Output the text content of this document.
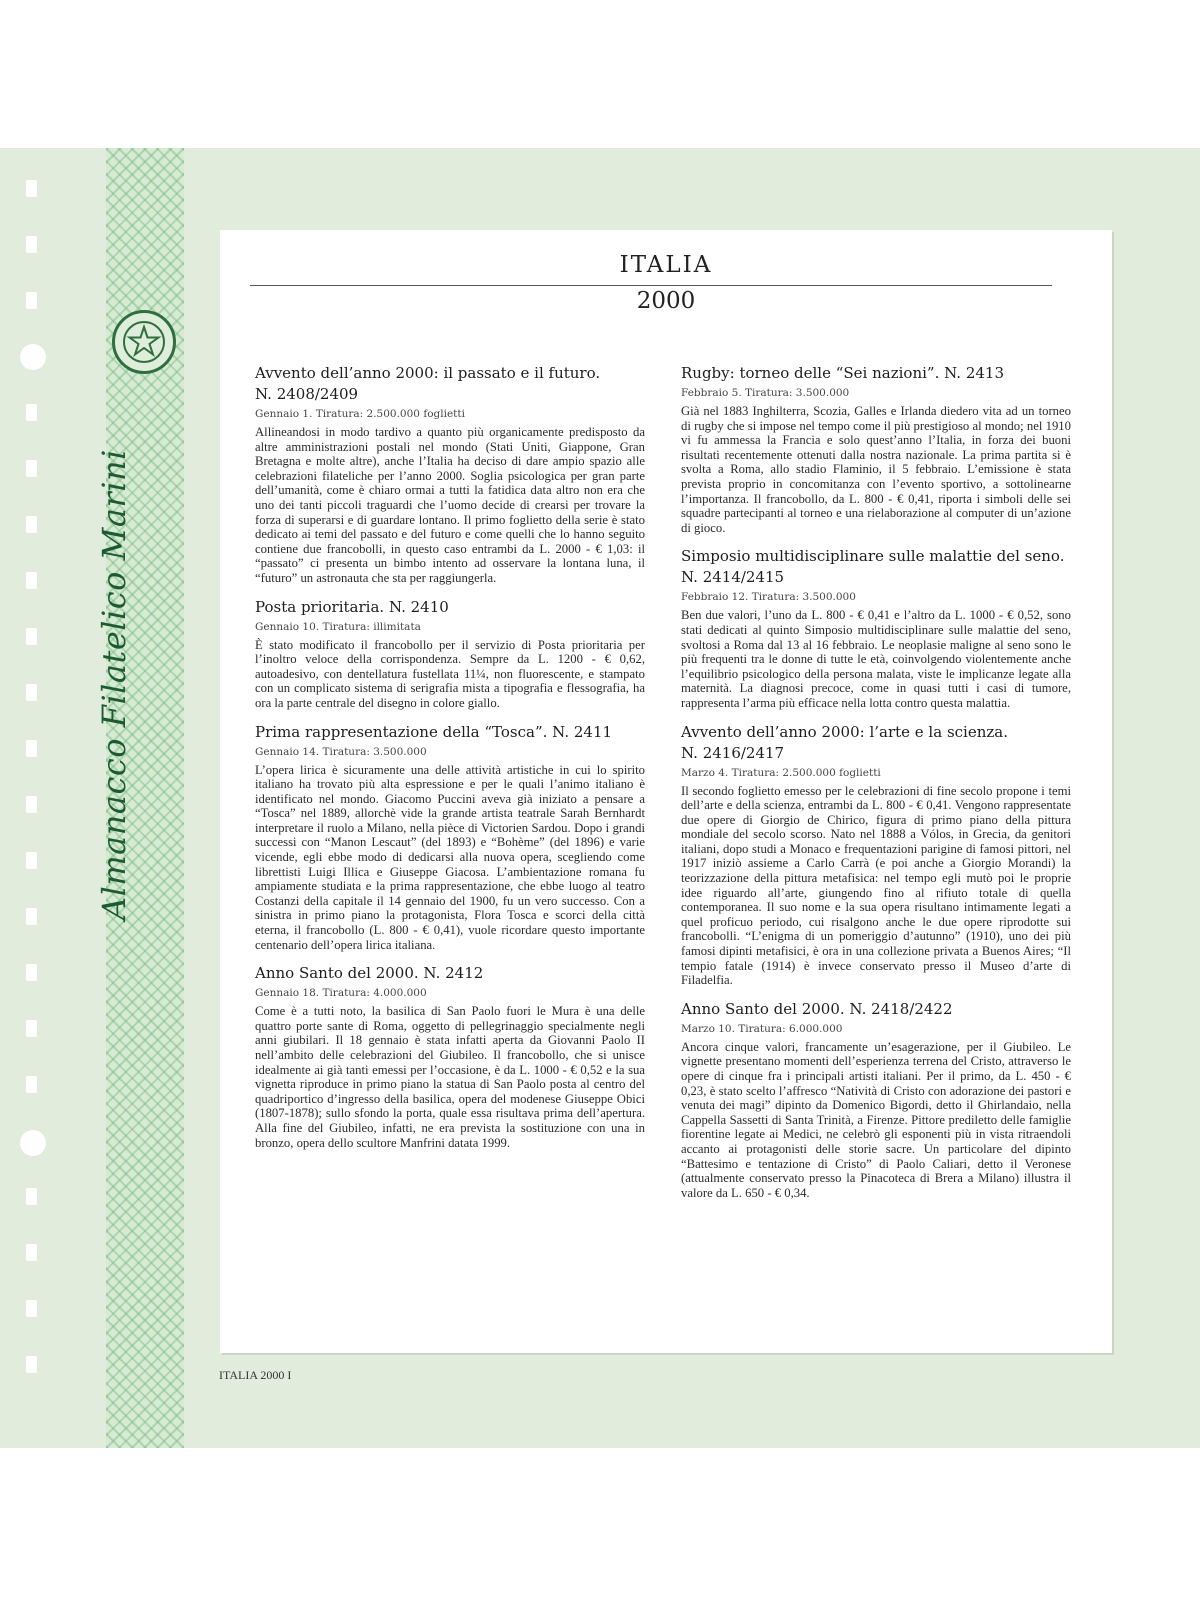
Almanacco Filatelico Marini
ITALIA
2000
Avvento dell’anno 2000: il passato e il futuro.
N. 2408/2409
Gennaio 1. Tiratura: 2.500.000 foglietti

Allineandosi in modo tardivo a quanto più organicamente predisposto da altre amministrazioni postali nel mondo (Stati Uniti, Giappone, Gran Bretagna e molte altre), anche l’Italia ha deciso di dare ampio spazio alle celebrazioni filateliche per l’anno 2000. Soglia psicologica per gran parte dell’umanità, come è chiaro ormai a tutti la fatidica data altro non era che uno dei tanti piccoli traguardi che l’uomo decide di crearsi per trovare la forza di superarsi e di guardare lontano. Il primo foglietto della serie è stato dedicato ai temi del passato e del futuro e come quelli che lo hanno seguito contiene due francobolli, in questo caso entrambi da L. 2000 - € 1,03: il “passato” ci presenta un bimbo intento ad osservare la lontana luna, il “futuro” un astronauta che sta per raggiungerla.

Posta prioritaria. N. 2410
Gennaio 10. Tiratura: illimitata

È stato modificato il francobollo per il servizio di Posta prioritaria per l’inoltro veloce della corrispondenza. Sempre da L. 1200 - € 0,62, autoadesivo, con dentellatura fustellata 11¼, non fluorescente, e stampato con un complicato sistema di serigrafia mista a tipografia e flessografia, ha ora la parte centrale del disegno in colore giallo.

Prima rappresentazione della “Tosca”. N. 2411
Gennaio 14. Tiratura: 3.500.000

L’opera lirica è sicuramente una delle attività artistiche in cui lo spirito italiano ha trovato più alta espressione e per le quali l’animo italiano è identificato nel mondo. Giacomo Puccini aveva già iniziato a pensare a “Tosca” nel 1889, allorchè vide la grande artista teatrale Sarah Bernhardt interpretare il ruolo a Milano, nella pièce di Victorien Sardou. Dopo i grandi successi con “Manon Lescaut” (del 1893) e “Bohème” (del 1896) e varie vicende, egli ebbe modo di dedicarsi alla nuova opera, scegliendo come librettisti Luigi Illica e Giuseppe Giacosa. L’ambientazione romana fu ampiamente studiata e la prima rappresentazione, che ebbe luogo al teatro Costanzi della capitale il 14 gennaio del 1900, fu un vero successo. Con a sinistra in primo piano la protagonista, Flora Tosca e scorci della città eterna, il francobollo (L. 800 - € 0,41), vuole ricordare questo importante centenario dell’opera lirica italiana.

Anno Santo del 2000. N. 2412
Gennaio 18. Tiratura: 4.000.000

Come è a tutti noto, la basilica di San Paolo fuori le Mura è una delle quattro porte sante di Roma, oggetto di pellegrinaggio specialmente negli anni giubilari. Il 18 gennaio è stata infatti aperta da Giovanni Paolo II nell’ambito delle celebrazioni del Giubileo. Il francobollo, che si unisce idealmente ai già tanti emessi per l’occasione, è da L. 1000 - € 0,52 e la sua vignetta riproduce in primo piano la statua di San Paolo posta al centro del quadriportico d’ingresso della basilica, opera del modenese Giuseppe Obici (1807-1878); sullo sfondo la porta, quale essa risultava prima dell’apertura. Alla fine del Giubileo, infatti, ne era prevista la sostituzione con una in bronzo, opera dello scultore Manfrini datata 1999.

Rugby: torneo delle “Sei nazioni”. N. 2413
Febbraio 5. Tiratura: 3.500.000

Già nel 1883 Inghilterra, Scozia, Galles e Irlanda diedero vita ad un torneo di rugby che si impose nel tempo come il più prestigioso al mondo; nel 1910 vi fu ammessa la Francia e solo quest’anno l’Italia, in forza dei buoni risultati recentemente ottenuti dalla nostra nazionale. La prima partita si è svolta a Roma, allo stadio Flaminio, il 5 febbraio. L’emissione è stata prevista proprio in concomitanza con l’evento sportivo, a sottolinearne l’importanza. Il francobollo, da L. 800 - € 0,41, riporta i simboli delle sei squadre partecipanti al torneo e una rielaborazione al computer di un’azione di gioco.

Simposio multidisciplinare sulle malattie del seno.
N. 2414/2415
Febbraio 12. Tiratura: 3.500.000

Ben due valori, l’uno da L. 800 - € 0,41 e l’altro da L. 1000 - € 0,52, sono stati dedicati al quinto Simposio multidisciplinare sulle malattie del seno, svoltosi a Roma dal 13 al 16 febbraio. Le neoplasie maligne al seno sono le più frequenti tra le donne di tutte le età, coinvolgendo violentemente anche l’equilibrio psicologico della persona malata, viste le implicanze legate alla maternità. La diagnosi precoce, come in quasi tutti i casi di tumore, rappresenta l’arma più efficace nella lotta contro questa malattia.

Avvento dell’anno 2000: l’arte e la scienza.
N. 2416/2417
Marzo 4. Tiratura: 2.500.000 foglietti

Il secondo foglietto emesso per le celebrazioni di fine secolo propone i temi dell’arte e della scienza, entrambi da L. 800 - € 0,41. Vengono rappresentate due opere di Giorgio de Chirico, figura di primo piano della pittura mondiale del secolo scorso. Nato nel 1888 a Vólos, in Grecia, da genitori italiani, dopo studi a Monaco e frequentazioni parigine di famosi pittori, nel 1917 iniziò assieme a Carlo Carrà (e poi anche a Giorgio Morandi) la teorizzazione della pittura metafisica: nel tempo egli mutò poi le proprie idee riguardo all’arte, giungendo fino al rifiuto totale di quella contemporanea. Il suo nome e la sua opera risultano intimamente legati a quel proficuo periodo, cui risalgono anche le due opere riprodotte sui francobolli. “L’enigma di un pomeriggio d’autunno” (1910), uno dei più famosi dipinti metafisici, è ora in una collezione privata a Buenos Aires; “Il tempio fatale (1914) è invece conservato presso il Museo d’arte di Filadelfia.

Anno Santo del 2000. N. 2418/2422
Marzo 10. Tiratura: 6.000.000

Ancora cinque valori, francamente un’esagerazione, per il Giubileo. Le vignette presentano momenti dell’esperienza terrena del Cristo, attraverso le opere di cinque fra i principali artisti italiani. Per il primo, da L. 450 - € 0,23, è stato scelto l’affresco “Natività di Cristo con adorazione dei pastori e venuta dei magi” dipinto da Domenico Bigordi, detto il Ghirlandaio, nella Cappella Sassetti di Santa Trinità, a Firenze. Pittore prediletto delle famiglie fiorentine legate ai Medici, ne celebrò gli esponenti più in vista ritraendoli accanto ai protagonisti delle storie sacre. Un particolare del dipinto “Battesimo e tentazione di Cristo” di Paolo Caliari, detto il Veronese (attualmente conservato presso la Pinacoteca di Brera a Milano) illustra il valore da L. 650 - € 0,34.

ITALIA 2000 I
